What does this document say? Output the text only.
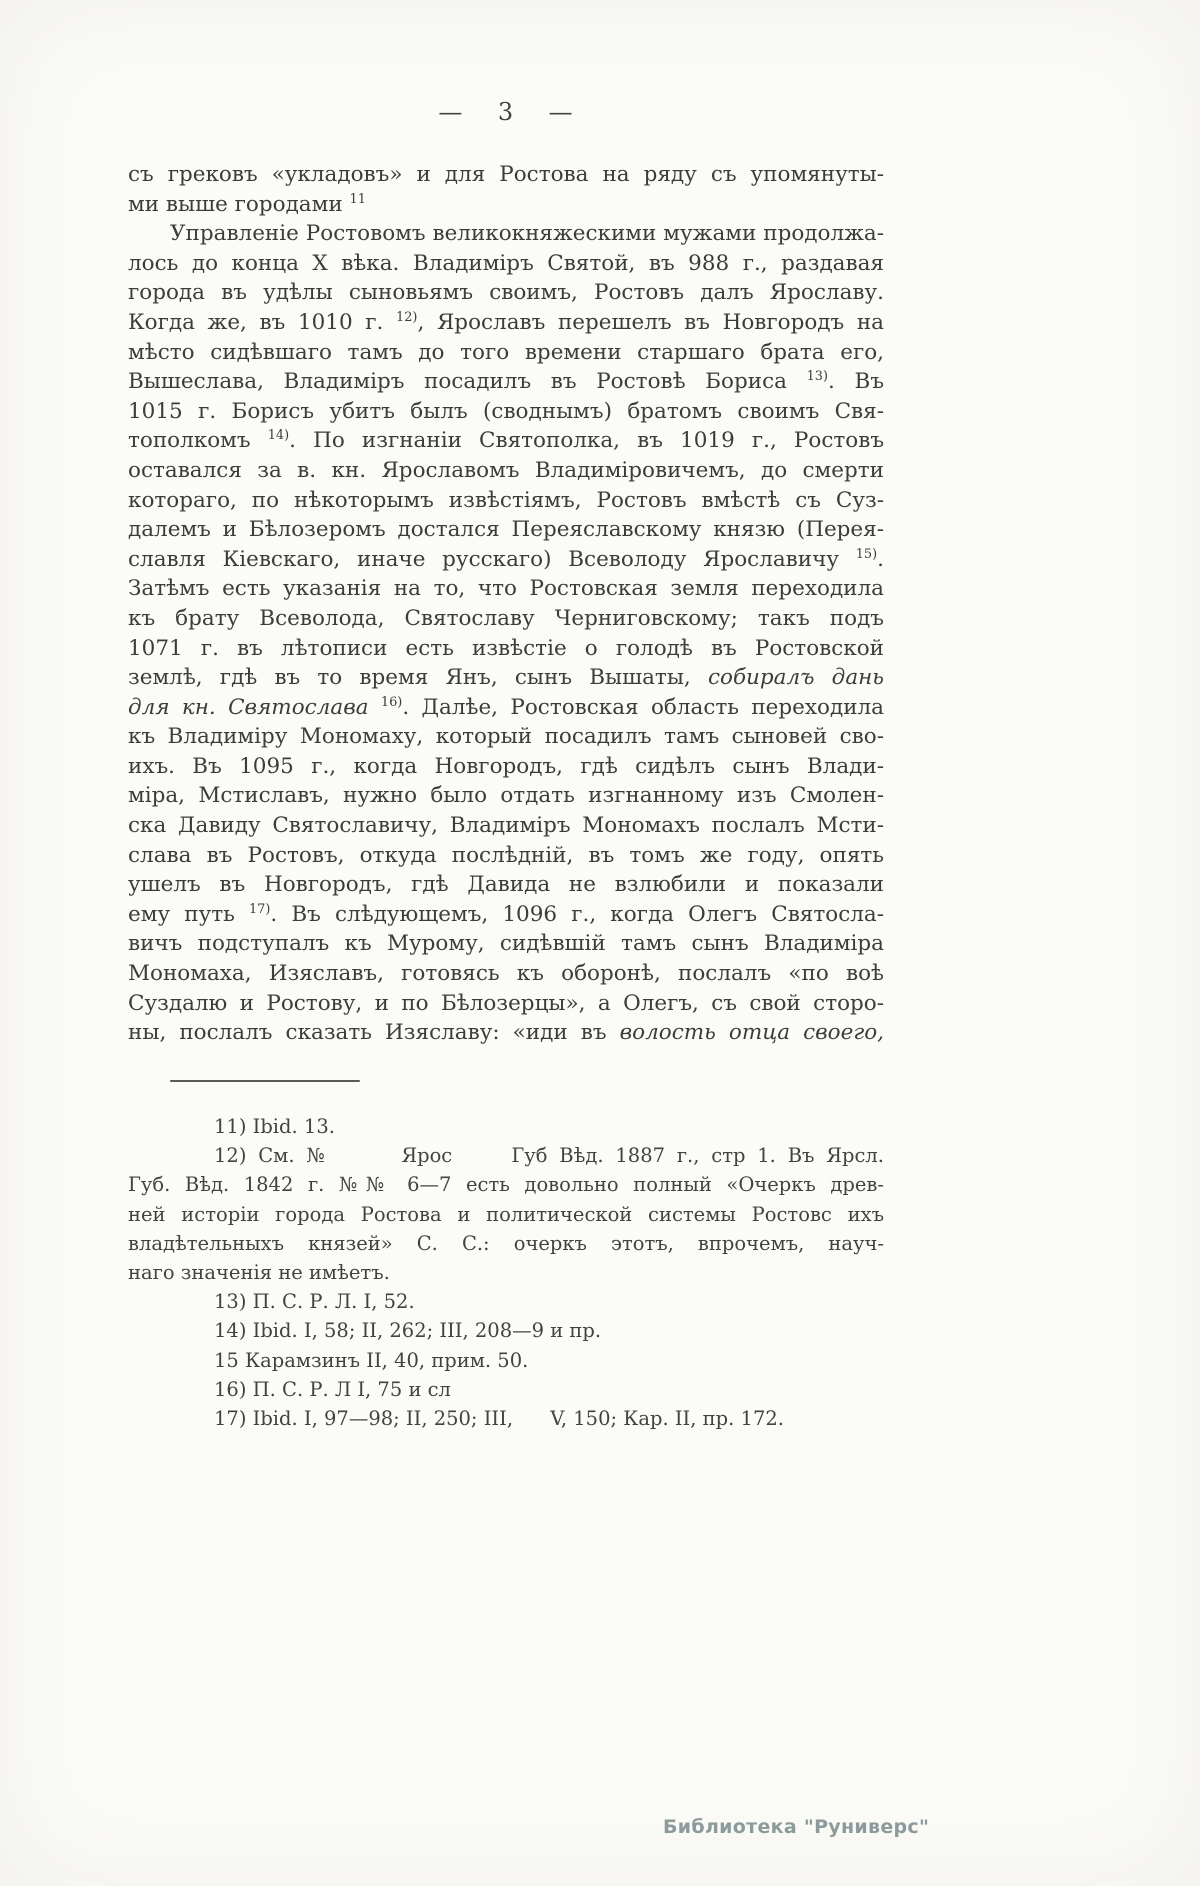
—    3    —
съ грековъ «укладовъ» и для Ростова на ряду съ упомянуты-
ми выше городами $^{11}$
Управленіе Ростовомъ великокняжескими мужами продолжа-
лось до конца X вѣка. Владиміръ Святой, въ 988 г., раздавая
города въ удѣлы сыновьямъ своимъ, Ростовъ далъ Ярославу.
Когда же, въ 1010 г. $^{12)}$, Ярославъ перешелъ въ Новгородъ на
мѣсто сидѣвшаго тамъ до того времени старшаго брата его,
Вышеслава, Владиміръ посадилъ въ Ростовѣ Бориса $^{13)}$. Въ
1015 г. Борисъ убитъ былъ (своднымъ) братомъ своимъ Свя-
тополкомъ $^{14)}$. По изгнаніи Святополка, въ 1019 г., Ростовъ
оставался за в. кн. Ярославомъ Владиміровичемъ, до смерти
котораго, по нѣкоторымъ извѣстіямъ, Ростовъ вмѣстѣ съ Суз-
далемъ и Бѣлозеромъ достался Переяславскому князю (Перея-
славля Кіевскаго, иначе русскаго) Всеволоду Ярославичу $^{15)}$.
Затѣмъ есть указанія на то, что Ростовская земля переходила
къ брату Всеволода, Святославу Черниговскому; такъ подъ
1071 г. въ лѣтописи есть извѣстіе о голодѣ въ Ростовской
землѣ, гдѣ въ то время Янъ, сынъ Вышаты, собиралъ дань
для кн. Святослава $^{16)}$. Далѣе, Ростовская область переходила
къ Владиміру Мономаху, который посадилъ тамъ сыновей сво-
ихъ. Въ 1095 г., когда Новгородъ, гдѣ сидѣлъ сынъ Влади-
міра, Мстиславъ, нужно было отдать изгнанному изъ Смолен-
ска Давиду Святославичу, Владиміръ Мономахъ послалъ Мсти-
слава въ Ростовъ, откуда послѣдній, въ томъ же году, опять
ушелъ въ Новгородъ, гдѣ Давида не взлюбили и показали
ему путь $^{17)}$. Въ слѣдующемъ, 1096 г., когда Олегъ Святосла-
вичъ подступалъ къ Мурому, сидѣвшій тамъ сынъ Владиміра
Мономаха, Изяславъ, готовясь къ оборонѣ, послалъ «по воѣ
Суздалю и Ростову, и по Бѣлозерцы», а Олегъ, съ свой сторо-
ны, послалъ сказать Изяславу: «иди въ волость отца своего,
11) Ibid. 13.
12) См. №      Ярос     Губ Вѣд. 1887 г., стр 1. Въ Ярсл.
Губ. Вѣд. 1842 г. №№ 6—7 есть довольно полный «Очеркъ древ-
ней исторіи города Ростова и политической системы Ростовс ихъ
владѣтельныхъ князей» С. С.: очеркъ этотъ, впрочемъ, науч-
наго значенія не имѣетъ.
13) П. С. Р. Л. I, 52.
14) Ibid. I, 58; II, 262; III, 208—9 и пр.
15 Карамзинъ II, 40, прим. 50.
16) П. С. Р. Л I, 75 и сл
17) Ibid. I, 97—98; II, 250; III,      V, 150; Кар. II, пр. 172.
Библиотека "Руниверс"
